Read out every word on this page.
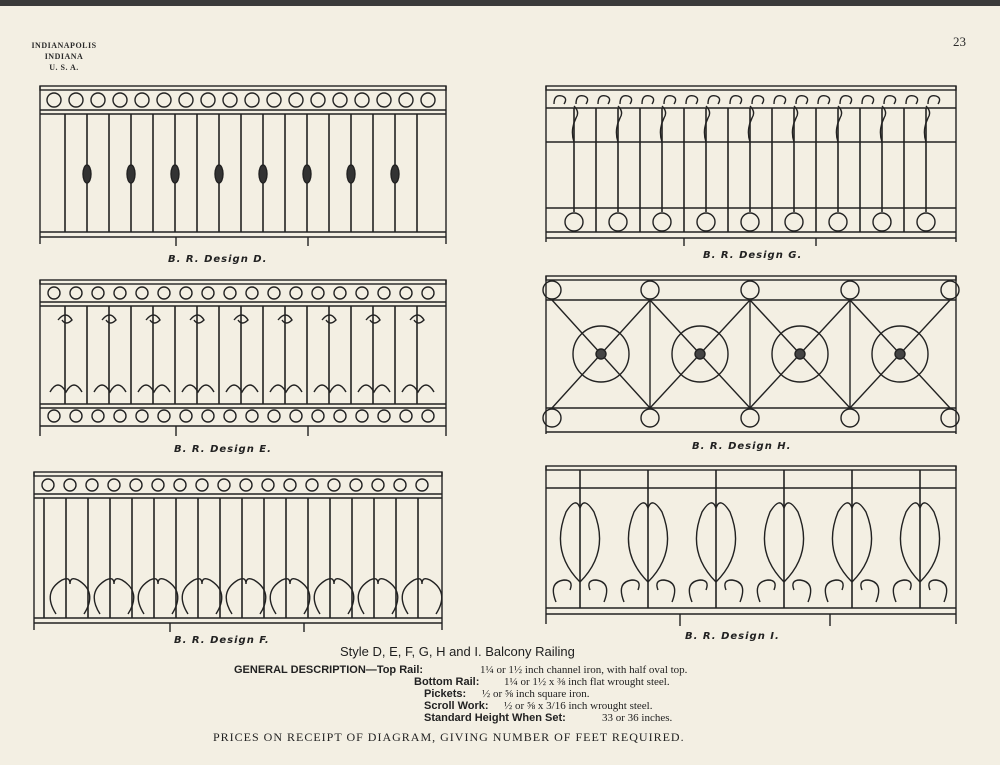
INDIANAPOLIS
INDIANA
U. S. A.
23
B. R. Design D.	B. R. Design G.
B. R. Design E.	B. R. Design H.
B. R. Design F.	B. R. Design I.
Style D, E, F, G, H and I. Balcony Railing
GENERAL DESCRIPTION—Top Rail:	1¼ or 1½ inch channel iron, with half oval top.
Bottom Rail: 1¼ or 1½ x ⅜ inch flat wrought steel.
Pickets: ½ or ⅝ inch square iron.
Scroll Work: ½ or ⅝ x 3/16 inch wrought steel.
Standard Height When Set:	33 or 36 inches.
PRICES ON RECEIPT OF DIAGRAM, GIVING NUMBER OF FEET REQUIRED.
